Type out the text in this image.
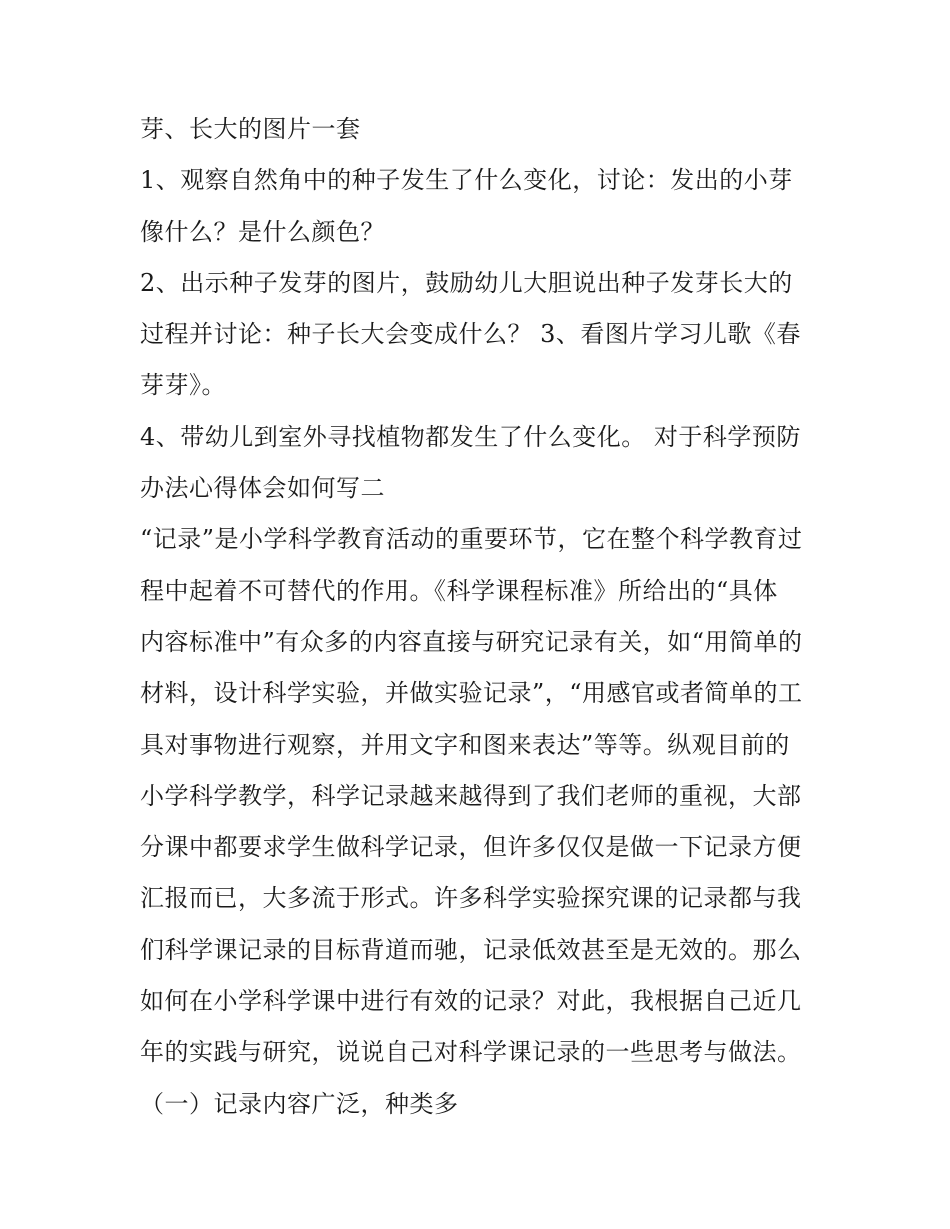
芽、长大的图片一套
1、观察自然角中的种子发生了什么变化，讨论：发出的小芽
像什么？是什么颜色？
2、出示种子发芽的图片，鼓励幼儿大胆说出种子发芽长大的
过程并讨论：种子长大会变成什么？ 3、看图片学习儿歌《春
芽芽》。
4、带幼儿到室外寻找植物都发生了什么变化。 对于科学预防
办法心得体会如何写二
“记录”是小学科学教育活动的重要环节，它在整个科学教育过
程中起着不可替代的作用。《科学课程标准》所给出的“具体
内容标准中”有众多的内容直接与研究记录有关，如“用简单的
材料，设计科学实验，并做实验记录”，“用感官或者简单的工
具对事物进行观察，并用文字和图来表达”等等。纵观目前的
小学科学教学，科学记录越来越得到了我们老师的重视，大部
分课中都要求学生做科学记录，但许多仅仅是做一下记录方便
汇报而已，大多流于形式。许多科学实验探究课的记录都与我
们科学课记录的目标背道而驰，记录低效甚至是无效的。那么
如何在小学科学课中进行有效的记录？对此，我根据自己近几
年的实践与研究，说说自己对科学课记录的一些思考与做法。
（一）记录内容广泛，种类多
